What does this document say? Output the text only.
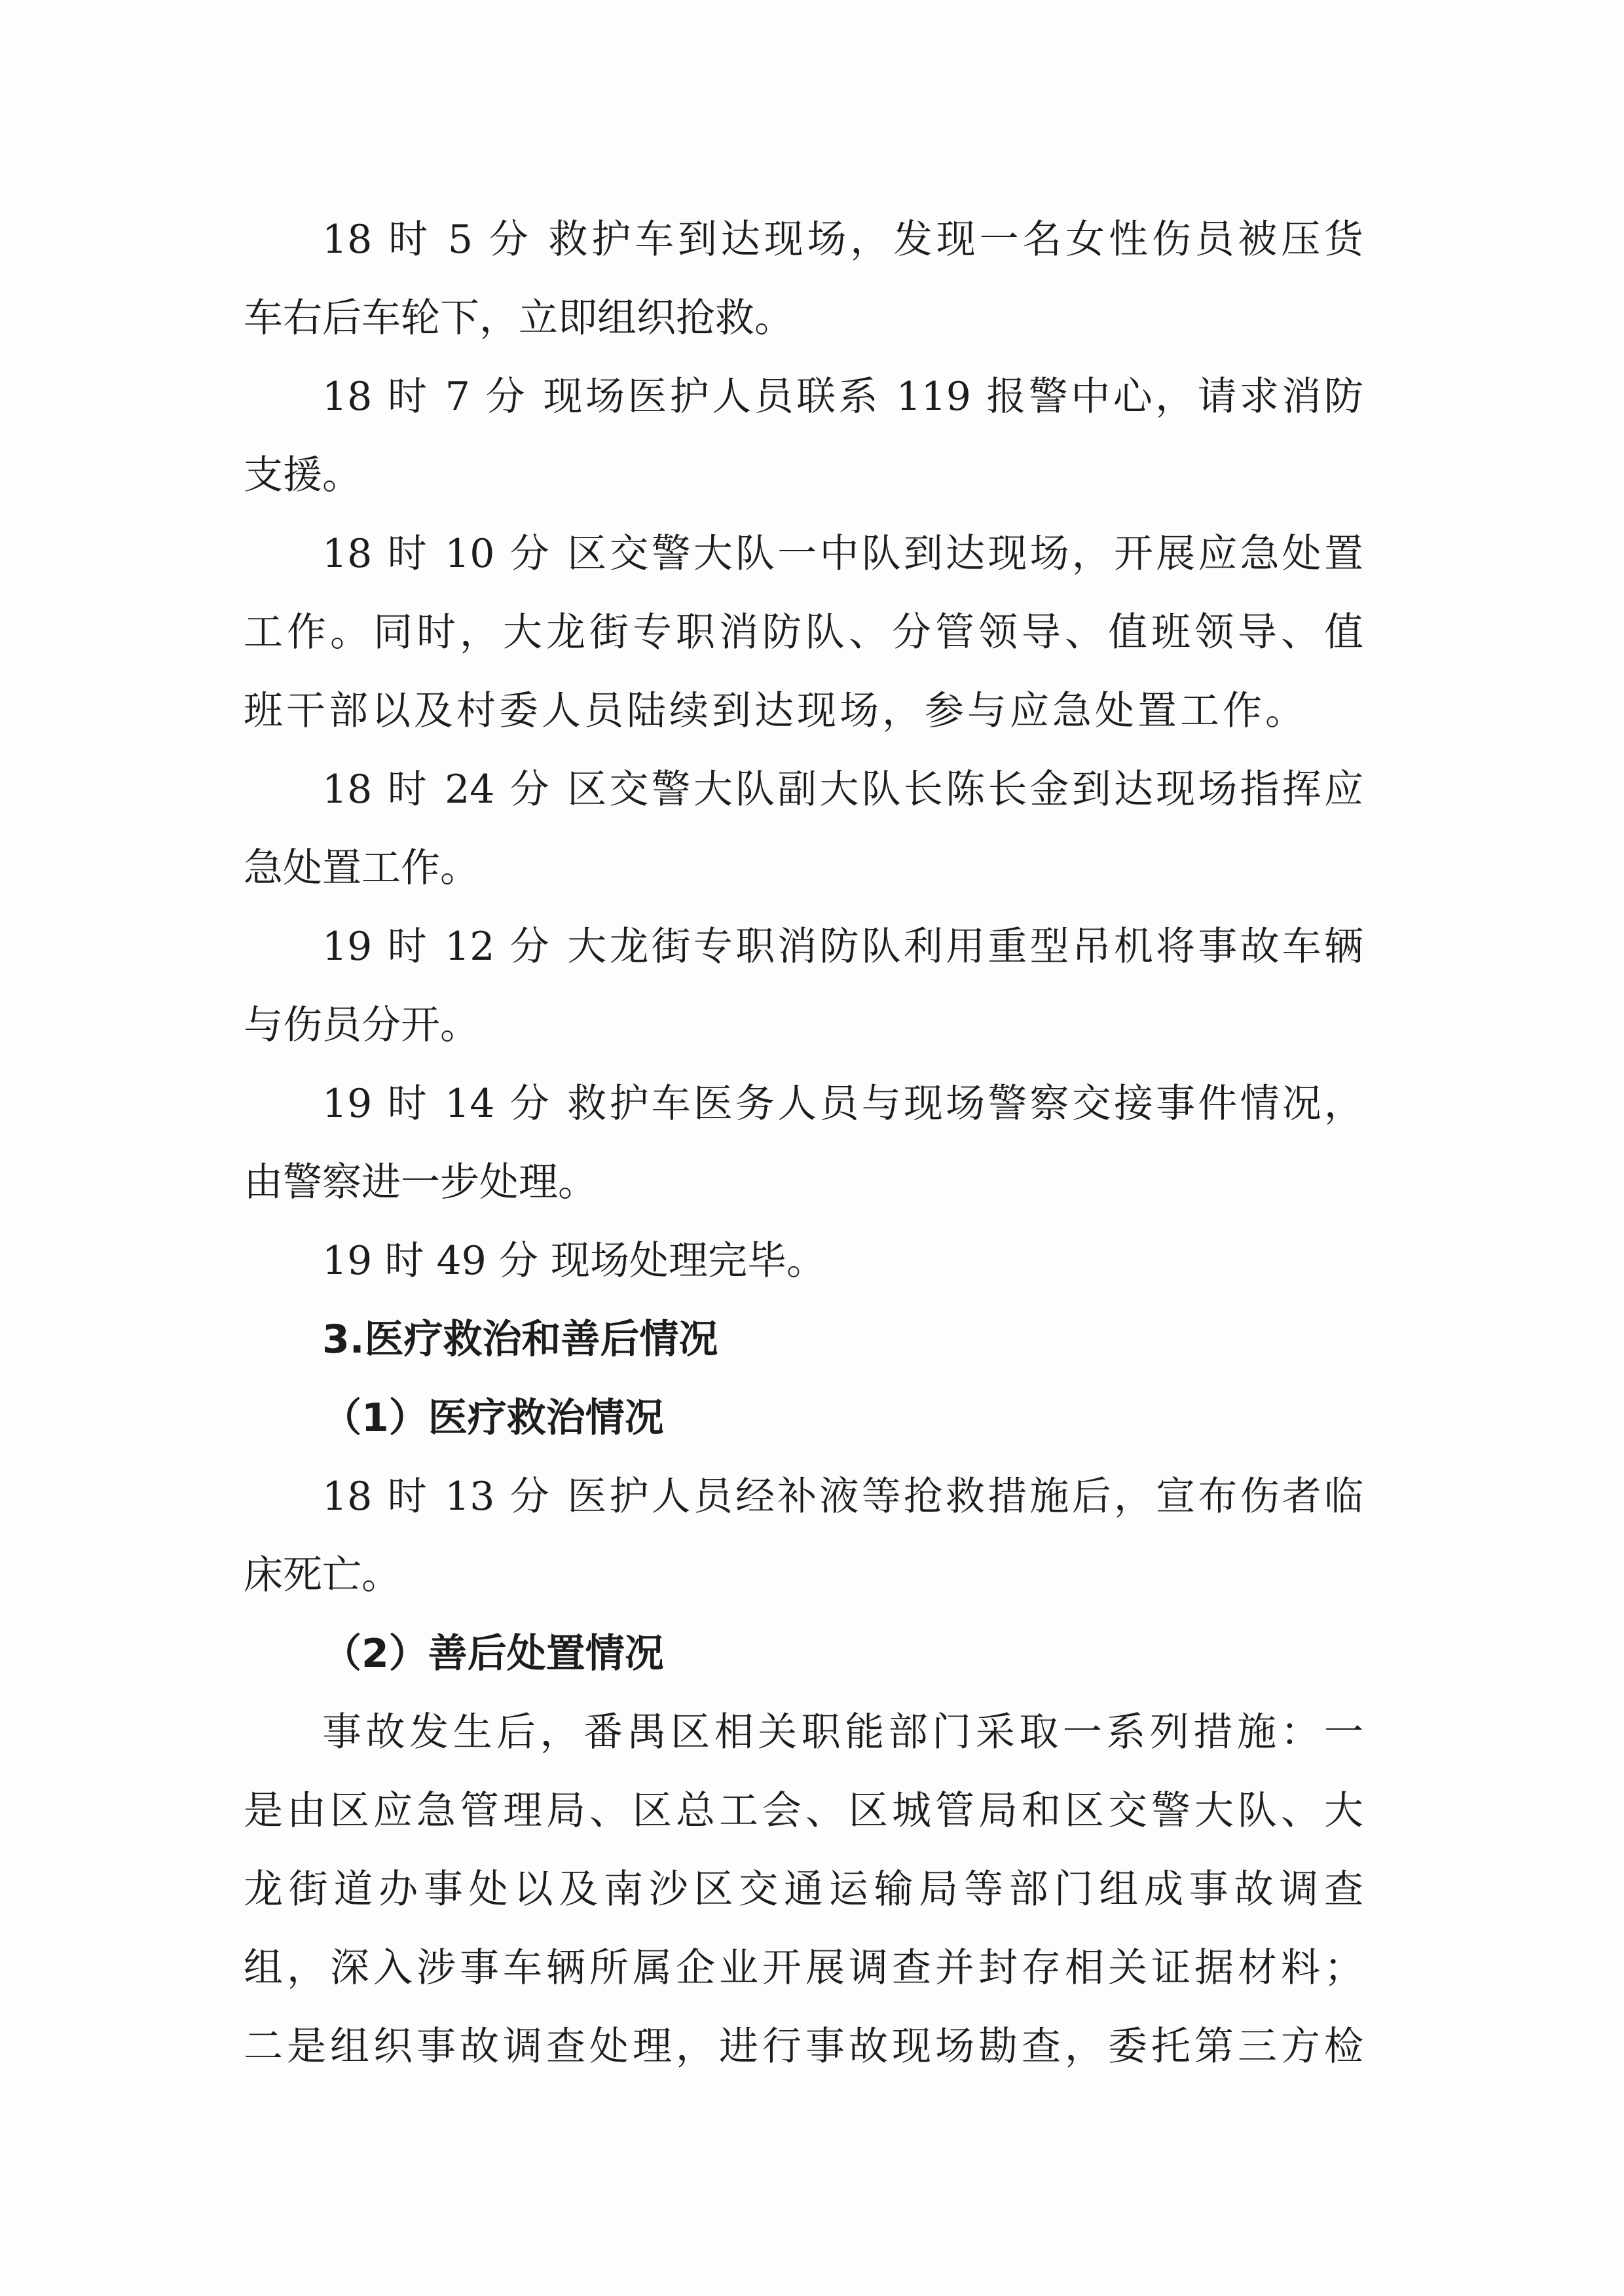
18 时 5 分 救护车到达现场，发现一名女性伤员被压货
车右后车轮下，立即组织抢救。
18 时 7 分 现场医护人员联系 119 报警中心，请求消防
支援。
18 时 10 分 区交警大队一中队到达现场，开展应急处置
工作。同时，大龙街专职消防队、分管领导、值班领导、值
班干部以及村委人员陆续到达现场，参与应急处置工作。
18 时 24 分 区交警大队副大队长陈长金到达现场指挥应
急处置工作。
19 时 12 分 大龙街专职消防队利用重型吊机将事故车辆
与伤员分开。
19 时 14 分 救护车医务人员与现场警察交接事件情况，
由警察进一步处理。
19 时 49 分 现场处理完毕。
3.医疗救治和善后情况
（1）医疗救治情况
18 时 13 分 医护人员经补液等抢救措施后，宣布伤者临
床死亡。
（2）善后处置情况
事故发生后，番禺区相关职能部门采取一系列措施：一
是由区应急管理局、区总工会、区城管局和区交警大队、大
龙街道办事处以及南沙区交通运输局等部门组成事故调查
组，深入涉事车辆所属企业开展调查并封存相关证据材料；
二是组织事故调查处理，进行事故现场勘查，委托第三方检
